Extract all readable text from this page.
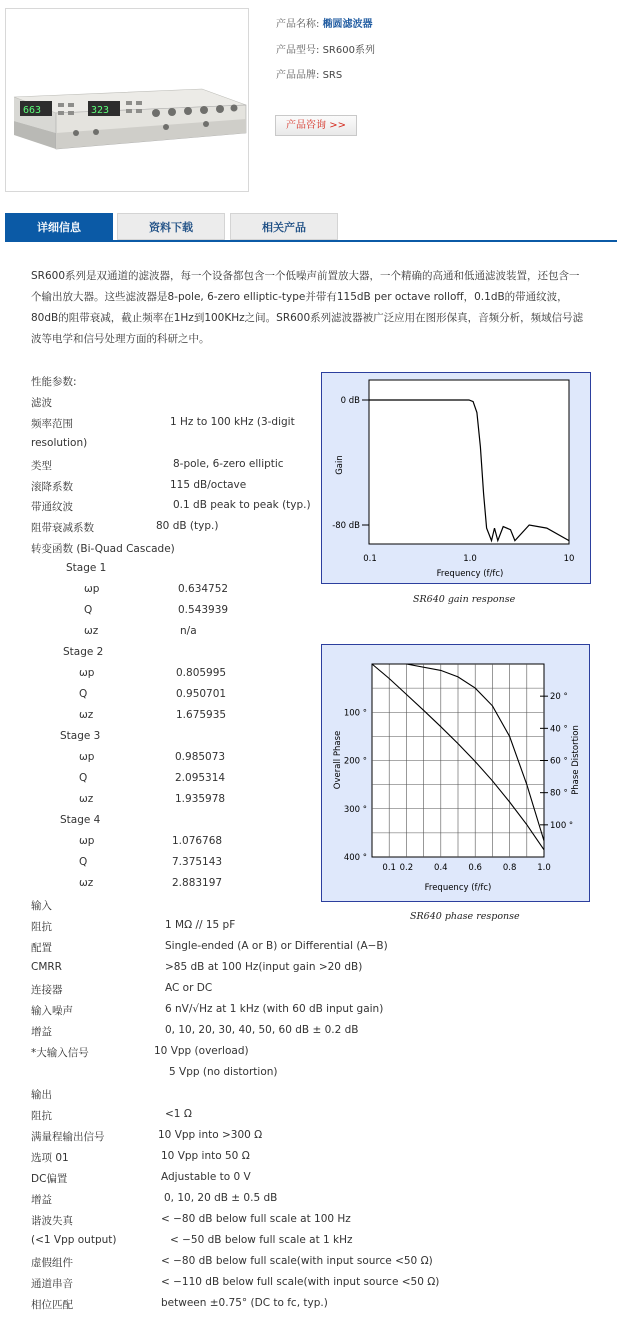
663	323
产品名称: 椭圆滤波器
产品型号: SR600系列
产品品牌: SRS
产品咨询 >>
详细信息	资料下载	相关产品
SR600系列是双通道的滤波器，每一个设备都包含一个低噪声前置放大器，一个精确的高通和低通滤波装置，还包含一个输出放大器。这些滤波器是8-pole, 6-zero elliptic-type并带有115dB per octave rolloff，0.1dB的带通纹波，80dB的阻带衰减，截止频率在1Hz到100KHz之间。SR600系列滤波器被广泛应用在图形保真，音频分析，频域信号滤波等电学和信号处理方面的科研之中。
性能参数:
滤波
频率范围	1 Hz to 100 kHz (3-digit
resolution)
类型	8-pole, 6-zero elliptic
滚降系数	115 dB/octave
带通纹波	0.1 dB peak to peak (typ.)
阻带衰减系数	80 dB (typ.)
转变函数 (Bi-Quad Cascade)
Stage 1
ωp	0.634752
Q	0.543939
ωz	n/a
Stage 2
ωp	0.805995
Q	0.950701
ωz	1.675935
Stage 3
ωp	0.985073
Q	2.095314
ωz	1.935978
Stage 4
ωp	1.076768
Q	7.375143
ωz	2.883197
输入
阻抗	1 MΩ // 15 pF
配置	Single-ended (A or B) or Differential (A−B)
CMRR	>85 dB at 100 Hz(input gain >20 dB)
连接器	AC or DC
输入噪声	6 nV/√Hz at 1 kHz (with 60 dB input gain)
增益	0, 10, 20, 30, 40, 50, 60 dB ± 0.2 dB
*大输入信号	10 Vpp (overload)
5 Vpp (no distortion)
输出
阻抗	<1 Ω
满量程输出信号	10 Vpp into >300 Ω
选项 01	10 Vpp into 50 Ω
DC偏置	Adjustable to 0 V
增益	0, 10, 20 dB ± 0.5 dB
谐波失真	< −80 dB below full scale at 100 Hz
(<1 Vpp output)	< −50 dB below full scale at 1 kHz
虚假组件	< −80 dB below full scale(with input source <50 Ω)
通道串音	< −110 dB below full scale(with input source <50 Ω)
相位匹配	between ±0.75° (DC to fc, typ.)
0 dB
-80 dB
0.1	1.0	10
Frequency (f/fc)
Gain
SR640 gain response
100 °
200 °
300 °
400 °
20 °
40 °
60 °
80 °
100 °
0.1 0.2 0.4 0.6 0.8 1.0
Frequency (f/fc)
Overall Phase	Phase Distortion
SR640 phase response
